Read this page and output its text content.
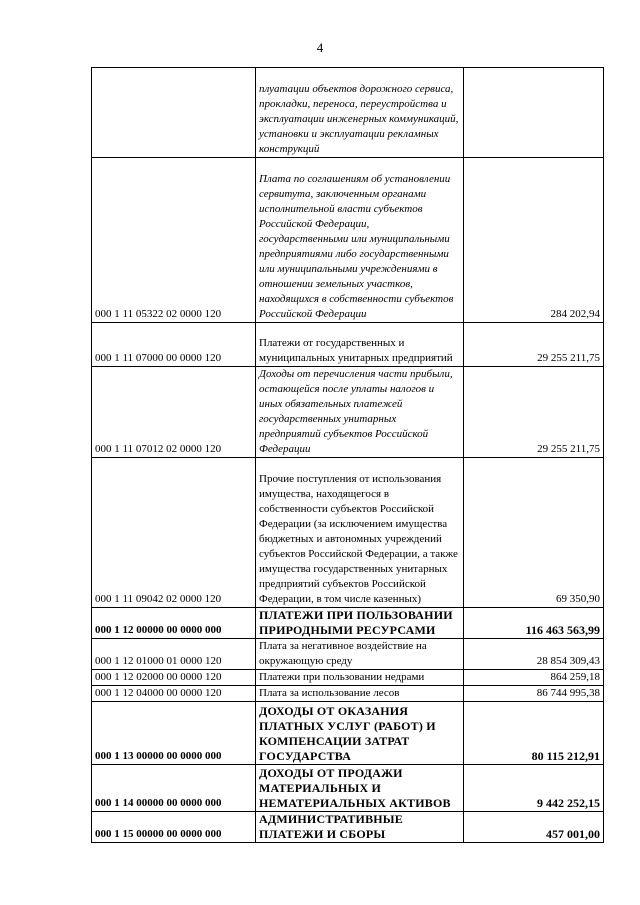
4
	плуатации объектов дорожного сервиса, прокладки, переноса, переустройства и эксплуатации инженерных коммуникаций, установки и эксплуатации рекламных конструкций	
000 1 11 05322 02 0000 120	Плата по соглашениям об установлении сервитута, заключенным органами исполнительной власти субъектов Российской Федерации, государственными или муниципальными предприятиями либо государственными или муниципальными учреждениями в отношении земельных участков, находящихся в собственности субъектов Российской Федерации	284 202,94
000 1 11 07000 00 0000 120	Платежи от государственных и муниципальных унитарных предприятий	29 255 211,75
000 1 11 07012 02 0000 120	Доходы от перечисления части прибыли, остающейся после уплаты налогов и иных обязательных платежей государственных унитарных предприятий субъектов Российской Федерации	29 255 211,75
000 1 11 09042 02 0000 120	Прочие поступления от использования имущества, находящегося в собственности субъектов Российской Федерации (за исключением имущества бюджетных и автономных учреждений субъектов Российской Федерации, а также имущества государственных унитарных предприятий субъектов Российской Федерации, в том числе казенных)	69 350,90
000 1 12 00000 00 0000 000	ПЛАТЕЖИ ПРИ ПОЛЬЗОВАНИИ ПРИРОДНЫМИ РЕСУРСАМИ	116 463 563,99
000 1 12 01000 01 0000 120	Плата за негативное воздействие на окружающую среду	28 854 309,43
000 1 12 02000 00 0000 120	Платежи при пользовании недрами	864 259,18
000 1 12 04000 00 0000 120	Плата за использование лесов	86 744 995,38
000 1 13 00000 00 0000 000	ДОХОДЫ ОТ ОКАЗАНИЯ ПЛАТНЫХ УСЛУГ (РАБОТ) И КОМПЕНСАЦИИ ЗАТРАТ ГОСУДАРСТВА	80 115 212,91
000 1 14 00000 00 0000 000	ДОХОДЫ ОТ ПРОДАЖИ МАТЕРИАЛЬНЫХ И НЕМАТЕРИАЛЬНЫХ АКТИВОВ	9 442 252,15
000 1 15 00000 00 0000 000	АДМИНИСТРАТИВНЫЕ ПЛАТЕЖИ И СБОРЫ	457 001,00
